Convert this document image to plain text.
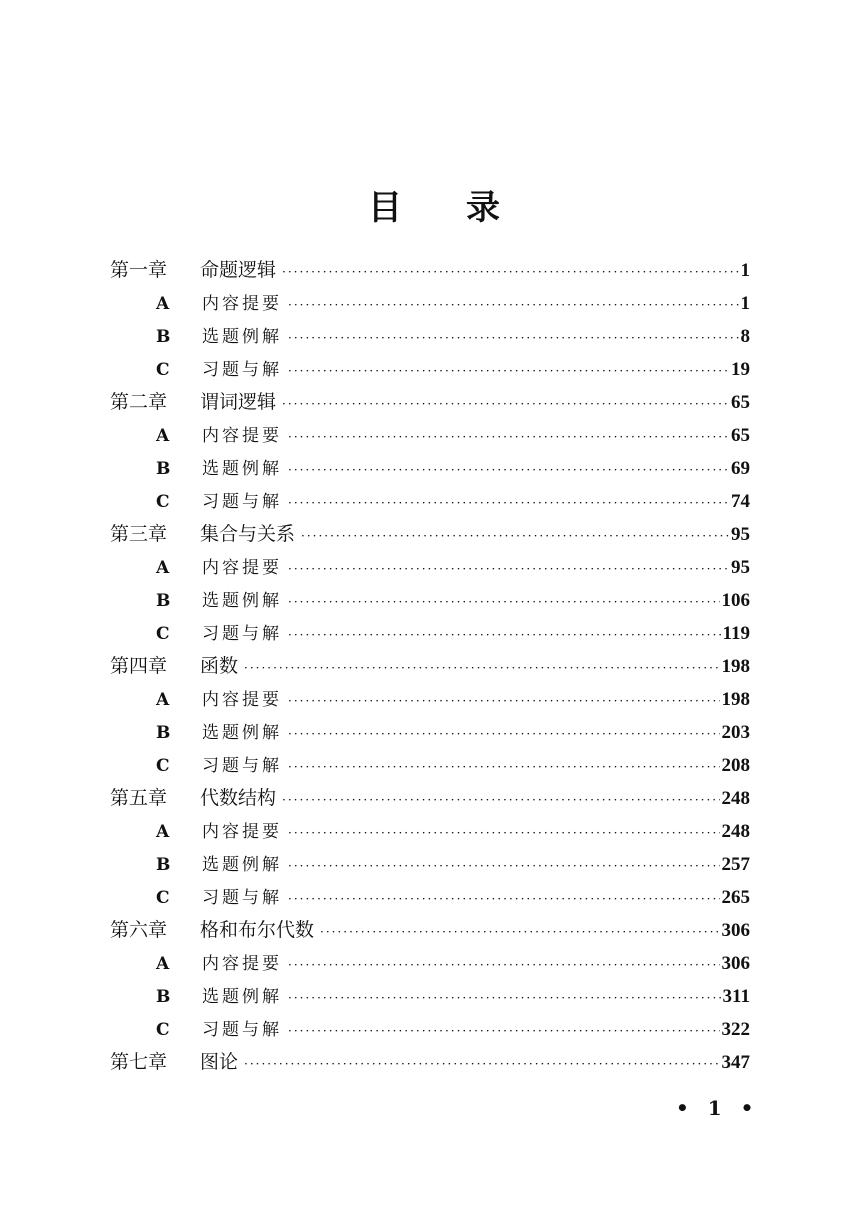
目 录
第一章	命题逻辑 ·····	1
A	内容提要 ·····	1
B	选题例解 ·····	8
C	习题与解 ·····	19
第二章	谓词逻辑 ·····	65
A	内容提要 ·····	65
B	选题例解 ·····	69
C	习题与解 ·····	74
第三章	集合与关系 ·····	95
A	内容提要 ·····	95
B	选题例解 ·····	106
C	习题与解 ·····	119
第四章	函数 ·····	198
A	内容提要 ·····	198
B	选题例解 ·····	203
C	习题与解 ·····	208
第五章	代数结构 ·····	248
A	内容提要 ·····	248
B	选题例解 ·····	257
C	习题与解 ·····	265
第六章	格和布尔代数 ·····	306
A	内容提要 ·····	306
B	选题例解 ·····	311
C	习题与解 ·····	322
第七章	图论 ·····	347
• 1 •
